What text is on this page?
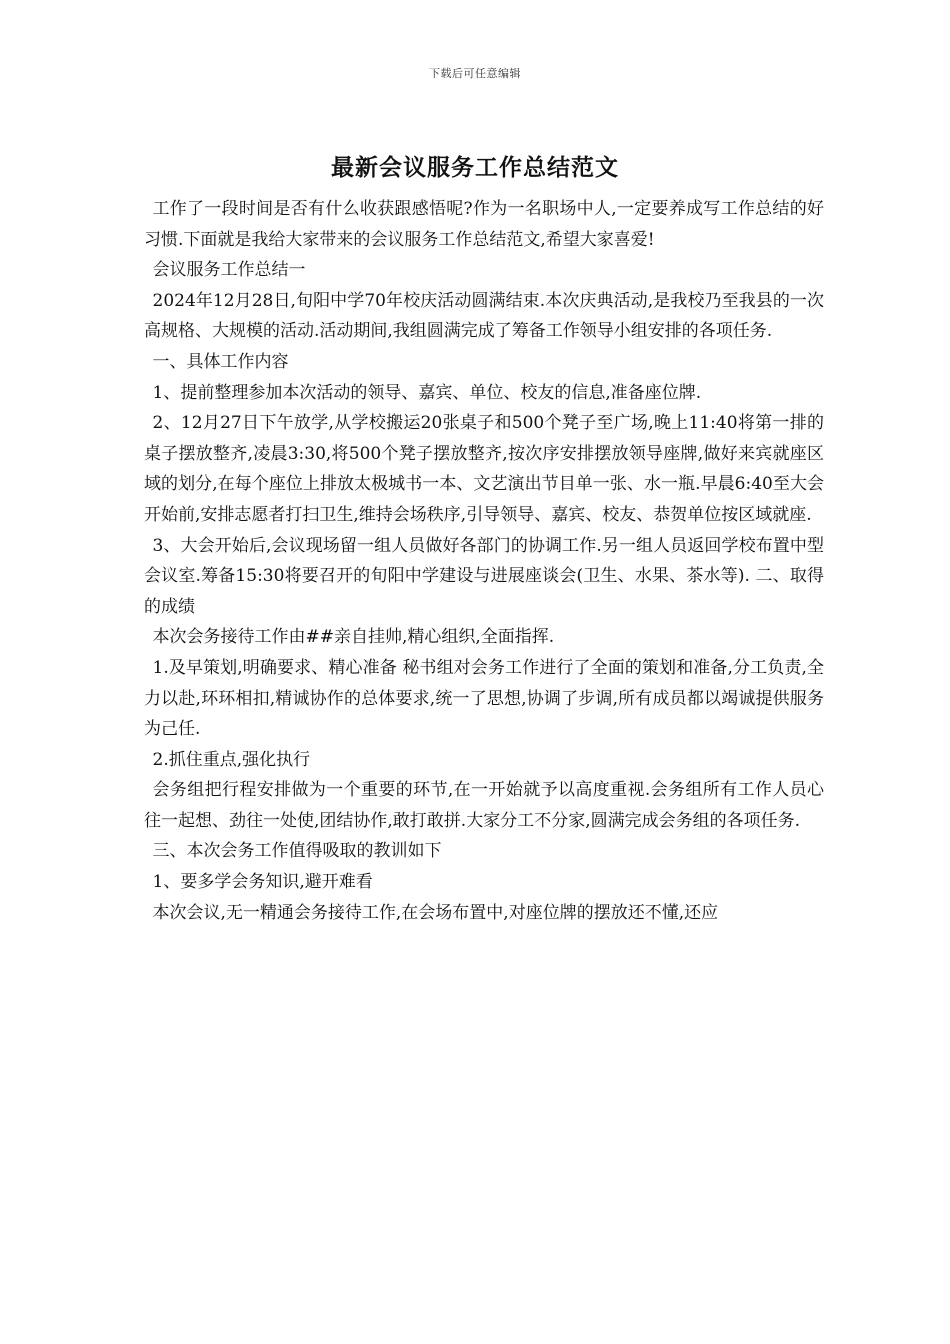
下载后可任意编辑
最新会议服务工作总结范文

工作了一段时间是否有什么收获跟感悟呢?作为一名职场中人,一定要养成写工作总结的好习惯.下面就是我给大家带来的会议服务工作总结范文,希望大家喜爱!

会议服务工作总结一

2024年12月28日,旬阳中学70年校庆活动圆满结束.本次庆典活动,是我校乃至我县的一次高规格、大规模的活动.活动期间,我组圆满完成了筹备工作领导小组安排的各项任务.

一、具体工作内容

1、提前整理参加本次活动的领导、嘉宾、单位、校友的信息,准备座位牌.

2、12月27日下午放学,从学校搬运20张桌子和500个凳子至广场,晚上11:40将第一排的桌子摆放整齐,凌晨3:30,将500个凳子摆放整齐,按次序安排摆放领导座牌,做好来宾就座区域的划分,在每个座位上排放太极城书一本、文艺演出节目单一张、水一瓶.早晨6:40至大会开始前,安排志愿者打扫卫生,维持会场秩序,引导领导、嘉宾、校友、恭贺单位按区域就座.

3、大会开始后,会议现场留一组人员做好各部门的协调工作.另一组人员返回学校布置中型会议室.筹备15:30将要召开的旬阳中学建设与进展座谈会(卫生、水果、茶水等). 二、取得的成绩

本次会务接待工作由##亲自挂帅,精心组织,全面指挥.

1.及早策划,明确要求、精心准备 秘书组对会务工作进行了全面的策划和准备,分工负责,全力以赴,环环相扣,精诚协作的总体要求,统一了思想,协调了步调,所有成员都以竭诚提供服务为己任.

2.抓住重点,强化执行

会务组把行程安排做为一个重要的环节,在一开始就予以高度重视.会务组所有工作人员心往一起想、劲往一处使,团结协作,敢打敢拼.大家分工不分家,圆满完成会务组的各项任务.

三、本次会务工作值得吸取的教训如下

1、要多学会务知识,避开难看

本次会议,无一精通会务接待工作,在会场布置中,对座位牌的摆放还不懂,还应
